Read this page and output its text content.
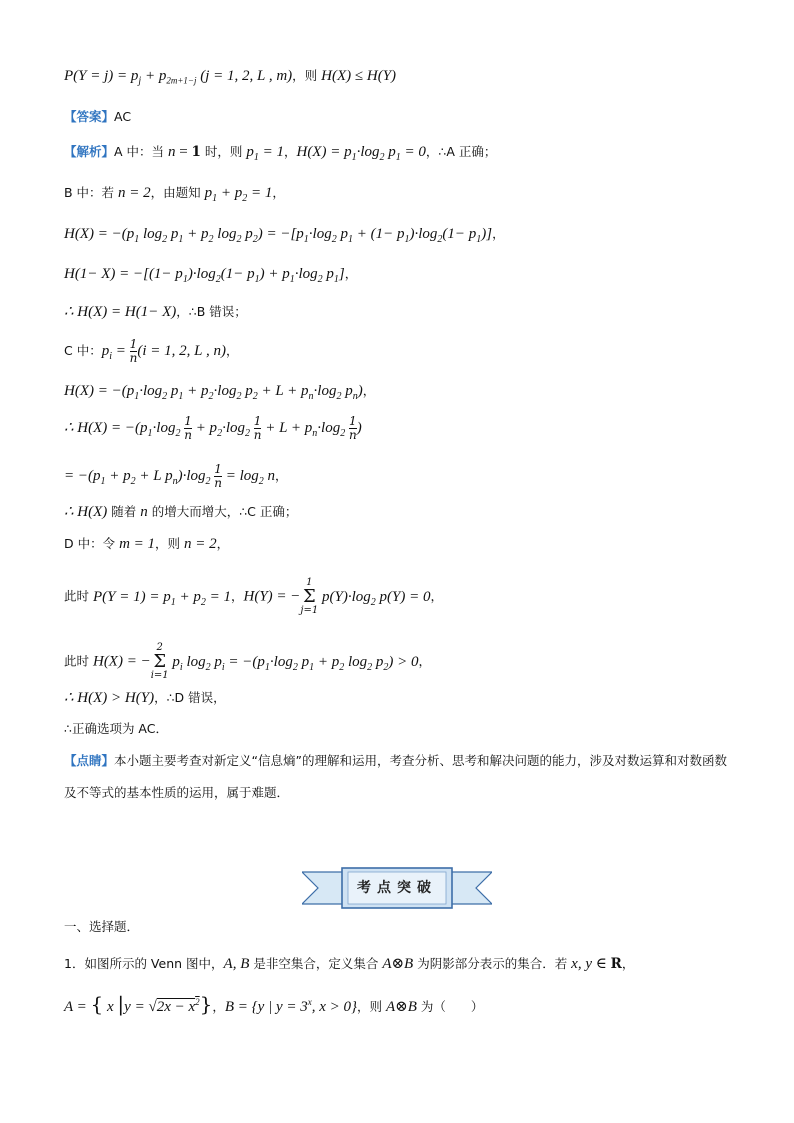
$P(Y = j) = p_j + p_{2m+1-j}$ (j = 1, 2, L , m)，则 H(X) ≤ H(Y)
【答案】AC
【解析】A 中：当 n = 1 时，则 $p_1 = 1$，$H(X) = p_1\cdot\log_2$ $p_1 = 0$，∴A 正确；
B 中：若 n = 2，由题知 $p_1 + p_2 = 1$，
$H(X) = -(p_1$ $\log_2 p_1 + p_2$ $\log_2 p_2) = -[p_1\cdot\log_2$ $p_1 + (1- p_1)\cdot\log_2(1- p_1)$]，
$H(1- X) = -[(1- p_1)\cdot\log_2(1- p_1) + p_1\cdot\log_2$ $p_1$]，
∴ H(X) = H(1− X)，∴B 错误；
C 中：$p_i = \frac{1}{n} (i = 1$, 2, L , n)，
$H(X) = -(p_1\cdot\log_2$ $p_1 + p_2\cdot\log_2$ $p_2 + L + p_n\cdot\log_2$ $p_n$)，
∴ $H(X) = -(p_1\cdot\log_2 \frac{1}{n} + p_2\cdot\log_2 \frac{1}{n} + L + p_n\cdot\log_2 \frac{1}{n}$ )
= $-(p_1 + p_2 + L$ $p_n)\cdot\log_2 \frac{1}{n} = \log_2 n$，
∴ H(X) 随着 n 的增大而增大，∴C 正确；
D 中：令 m = 1，则 n = 2，
此时 $P(Y = 1) = p_1 + p_2 = 1$，H(Y) = −
1
Σ
j=1
$p(Y)\cdot\log_2$ p(Y) = 0，
此时 H(X) = −
2
Σ
i=1
$p_i$ $\log_2 p_i = -(p_1\cdot\log_2$ $p_1 + p_2$ $\log_2 p_2) > 0$，
∴ H(X) > H(Y)，∴D 错误，
∴正确选项为 AC．
【点睛】本小题主要考查对新定义“信息熵”的理解和运用，考查分析、思考和解决问题的能力，涉及对数运算和对数函数及不等式的基本性质的运用，属于难题．
考点突破
一、选择题．
1．如图所示的 Venn 图中，A, B 是非空集合，定义集合 A⊗B 为阴影部分表示的集合．若 x, y ∈ R，
A = { x $|y = √2x - x^2$}，B = {y | $y = 3^x$, x > 0}，则 A⊗B 为（　　）
